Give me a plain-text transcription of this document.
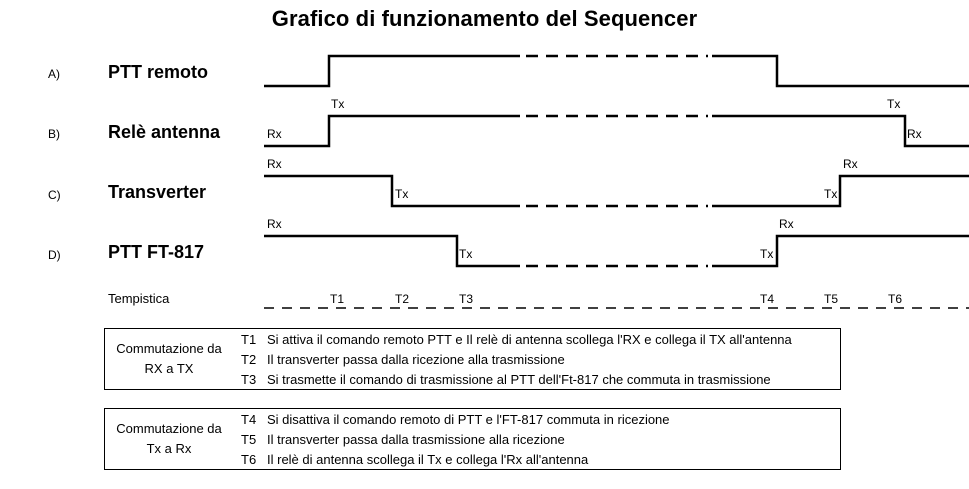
Grafico di funzionamento del Sequencer
A)	PTT remoto
B)	Relè antenna
C)	Transverter
D)	PTT FT-817
Tempistica
Tx
Rx
Tx
Rx
Rx
Tx	Tx
Rx
Rx
Tx	Tx
Rx
T1	T2	T3	T4	T5	T6
Commutazione da
RX a TX
T1 Si attiva il comando remoto PTT e Il relè di antenna scollega l'RX e collega il TX all'antenna
T2 Il transverter passa dalla ricezione alla trasmissione
T3 Si trasmette il comando di trasmissione al PTT dell'Ft-817 che commuta in trasmissione
Commutazione da
Tx a Rx
T4 Si disattiva il comando remoto di PTT e l'FT-817 commuta in ricezione
T5 Il transverter passa dalla trasmissione alla ricezione
T6 Il relè di antenna scollega il Tx e collega l'Rx all'antenna
